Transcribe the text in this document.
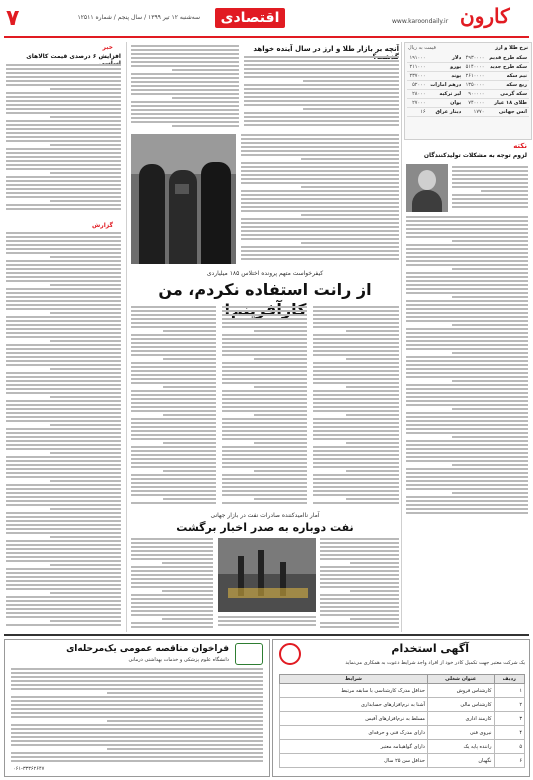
۷	سه‌شنبه ۱۲ تیر ۱۳۹۹ / سال پنجم / شماره ۱۲۵۱۱	اقتصادی	www.karoondaily.ir کارون
نرخ طلا و ارز
قیمت به ریال
سکه طرح قدیم	۴۹۳۰۰۰۰	دلار	۱۹۱۰۰۰
سکه طرح جدید	۵۱۴۰۰۰۰	یورو	۲۱۱۰۰۰
نیم سکه	۲۶۱۰۰۰۰	پوند	۲۳۷۰۰۰
ربع سکه	۱۳۵۰۰۰۰	درهم امارات	۵۲۰۰۰
سکه گرمی	۹۰۰۰۰۰	لیر ترکیه	۲۸۰۰۰
طلای ۱۸ عیار	۷۴۰۰۰۰	یوان	۲۷۰۰۰
انس جهانی	۱۷۷۰	دینار عراق	۱۶
نکته
لزوم توجه به مشکلات تولیدکنندگان
آنچه بر بازار طلا و ارز در سال آینده خواهد
خبر
افزایش ۶ درصدی قیمت کالاهای
گزارش
کیفرخواست متهم پرونده اختلاس ۱۸۵ میلیاردی
از رانت استفاده نکردم، من
آمار ناامیدکننده صادرات نفت در بازار جهانی
نفت دوباره به صدر اخبار برگشت
آگهی استخدام
یک شرکت معتبر جهت تکمیل کادر خود از افراد واجد شرایط دعوت به همکاری می‌نماید
ردیف	عنوان شغلی	شرایط
۱	کارشناس فروش	حداقل مدرک کارشناسی با سابقه مرتبط
۲	کارشناس مالی	آشنا به نرم‌افزارهای حسابداری
۳	کارمند اداری	مسلط به نرم‌افزارهای آفیس
۴	نیروی فنی	دارای مدرک فنی و حرفه‌ای
۵	راننده پایه یک	دارای گواهینامه معتبر
۶	نگهبان	حداقل سن ۲۵ سال
فراخوان مناقصه عمومی یک‌مرحله‌ای
دانشگاه علوم پزشکی و خدمات بهداشتی درمانی
۰۶۱-۳۳۳۶۲۶۴۷
